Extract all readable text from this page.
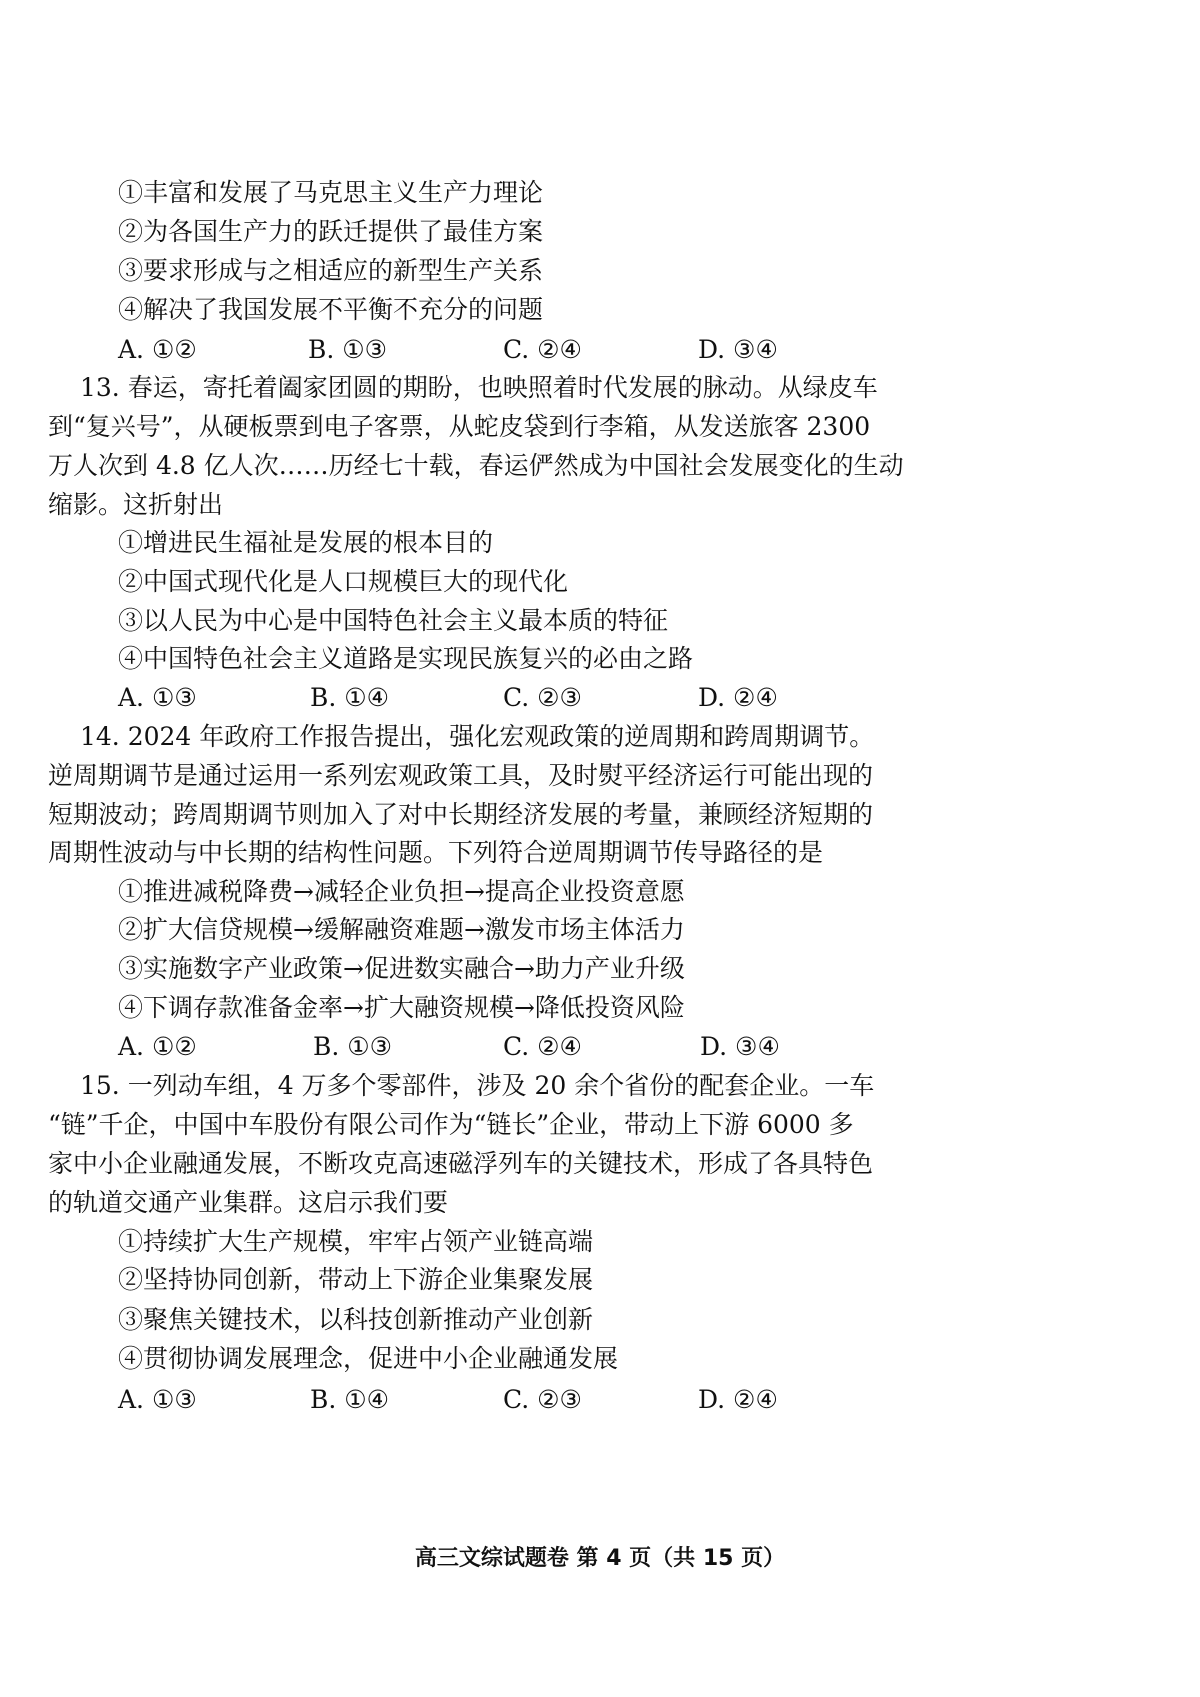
①丰富和发展了马克思主义生产力理论
②为各国生产力的跃迁提供了最佳方案
③要求形成与之相适应的新型生产关系
④解决了我国发展不平衡不充分的问题
A. ①②	B. ①③	C. ②④	D. ③④
13. 春运，寄托着阖家团圆的期盼，也映照着时代发展的脉动。从绿皮车
到“复兴号”，从硬板票到电子客票，从蛇皮袋到行李箱，从发送旅客 2300
万人次到 4.8 亿人次……历经七十载，春运俨然成为中国社会发展变化的生动
缩影。这折射出
①增进民生福祉是发展的根本目的
②中国式现代化是人口规模巨大的现代化
③以人民为中心是中国特色社会主义最本质的特征
④中国特色社会主义道路是实现民族复兴的必由之路
A. ①③	B. ①④	C. ②③	D. ②④
14. 2024 年政府工作报告提出，强化宏观政策的逆周期和跨周期调节。
逆周期调节是通过运用一系列宏观政策工具，及时熨平经济运行可能出现的
短期波动；跨周期调节则加入了对中长期经济发展的考量，兼顾经济短期的
周期性波动与中长期的结构性问题。下列符合逆周期调节传导路径的是
①推进减税降费→减轻企业负担→提高企业投资意愿
②扩大信贷规模→缓解融资难题→激发市场主体活力
③实施数字产业政策→促进数实融合→助力产业升级
④下调存款准备金率→扩大融资规模→降低投资风险
A. ①②	B. ①③	C. ②④	D. ③④
15. 一列动车组，4 万多个零部件，涉及 20 余个省份的配套企业。一车
“链”千企，中国中车股份有限公司作为“链长”企业，带动上下游 6000 多
家中小企业融通发展，不断攻克高速磁浮列车的关键技术，形成了各具特色
的轨道交通产业集群。这启示我们要
①持续扩大生产规模，牢牢占领产业链高端
②坚持协同创新，带动上下游企业集聚发展
③聚焦关键技术，以科技创新推动产业创新
④贯彻协调发展理念，促进中小企业融通发展
A. ①③	B. ①④	C. ②③	D. ②④
高三文综试题卷 第 4 页（共 15 页）
